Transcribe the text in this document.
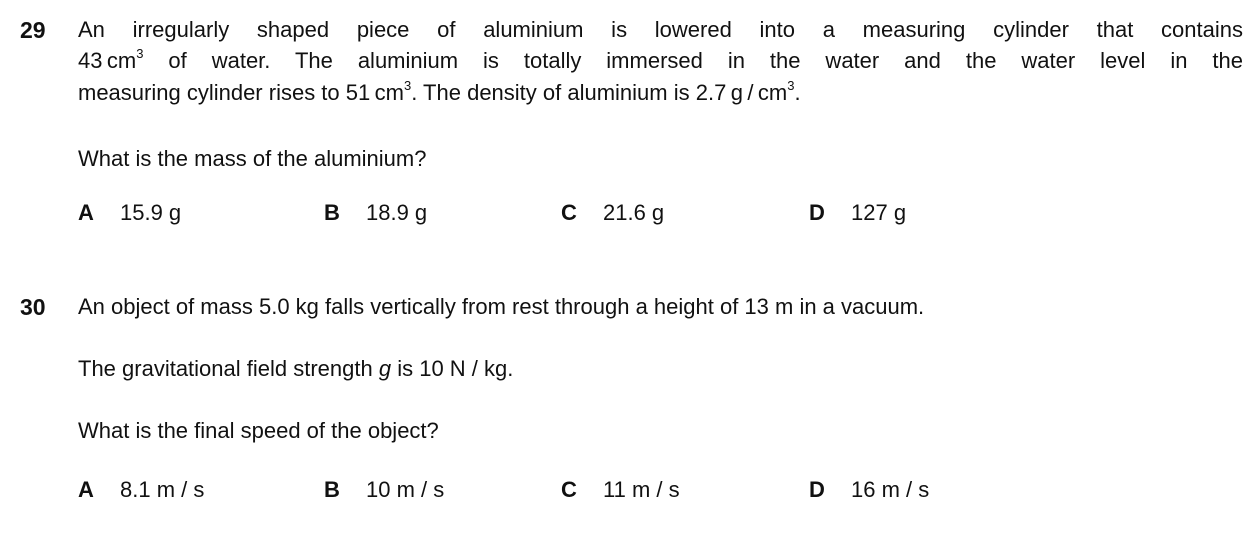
29 An irregularly shaped piece of aluminium is lowered into a measuring cylinder that contains
43  $cm^3$ of water. The aluminium is totally immersed in the water and the water level in the
measuring cylinder rises to 51  $cm^3$. The density of aluminium is 2.7  g  /  $cm^3$.
What is the mass of the aluminium?
A 15.9 g	B 18.9 g	C 21.6 g	D 127 g
30 An object of mass 5.0 kg falls vertically from rest through a height of 13 m in a vacuum.
The gravitational field strength g is 10 N / kg.
What is the final speed of the object?
A 8.1 m / s	B 10 m / s	C 11 m / s	D 16 m / s
